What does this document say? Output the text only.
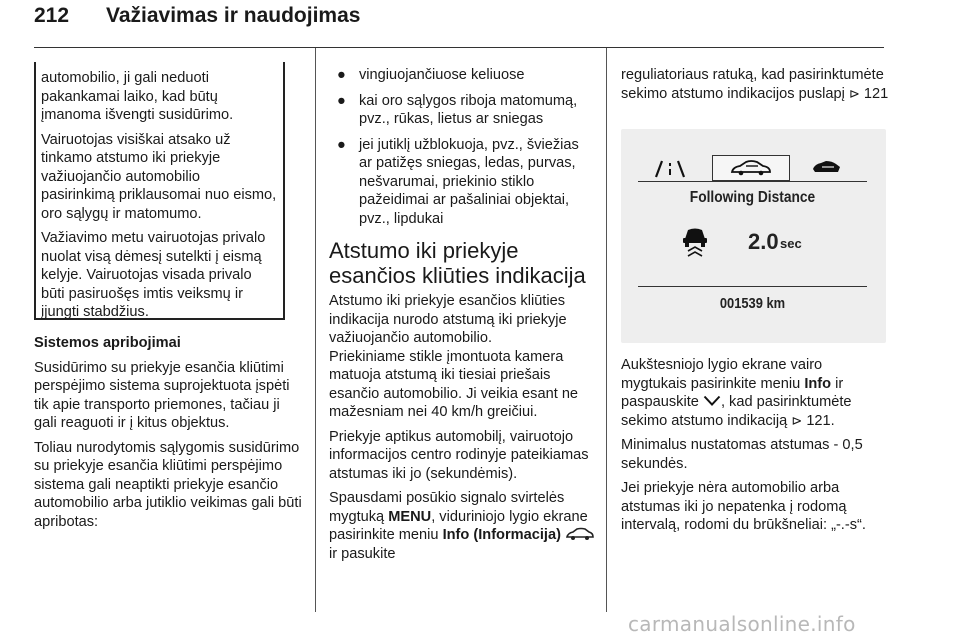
212 Važiavimas ir naudojimas

automobilio, ji gali neduoti pakankamai laiko, kad būtų įmanoma išvengti susidūrimo.

Vairuotojas visiškai atsako už tinkamo atstumo iki priekyje važiuojančio automobilio pasirinkimą priklausomai nuo eismo, oro sąlygų ir matomumo.

Važiavimo metu vairuotojas privalo nuolat visą dėmesį sutelkti į eismą kelyje. Vairuotojas visada privalo būti pasiruošęs imtis veiksmų ir įjungti stabdžius.

Sistemos apribojimai

Susidūrimo su priekyje esančia kliūtimi perspėjimo sistema suprojektuota įspėti tik apie transporto priemones, tačiau ji gali reaguoti ir į kitus objektus.

Toliau nurodytomis sąlygomis susidūrimo su priekyje esančia kliūtimi perspėjimo sistema gali neaptikti priekyje esančio automobilio arba jutiklio veikimas gali būti apribotas:

● vingiuojančiuose keliuose
● kai oro sąlygos riboja matomumą, pvz., rūkas, lietus ar sniegas
● jei jutiklį užblokuoja, pvz., šviežias ar patižęs sniegas, ledas, purvas, nešvarumai, priekinio stiklo pažeidimai ar pašaliniai objektai, pvz., lipdukai
Atstumo iki priekyje esančios kliūties indikacija

Atstumo iki priekyje esančios kliūties indikacija nurodo atstumą iki priekyje važiuojančio automobilio.

Priekiniame stikle įmontuota kamera matuoja atstumą iki tiesiai priešais esančio automobilio. Ji veikia esant ne mažesniam nei 40 km/h greičiui.

Priekyje aptikus automobilį, vairuotojo informacijos centro rodinyje pateikiamas atstumas iki jo (sekundėmis).

Spausdami posūkio signalo svirtelės mygtuką MENU, viduriniojo lygio ekrane pasirinkite meniu Info (Informacija)  ir pasukite

reguliatoriaus ratuką, kad pasirinktumėte sekimo atstumo indikacijos puslapį ⊳ 121

Following Distance
2.0 sec
001539 km

Aukštesniojo lygio ekrane vairo mygtukais pasirinkite meniu Info ir paspauskite , kad pasirinktumėte sekimo atstumo indikaciją ⊳ 121.

Minimalus nustatomas atstumas - 0,5 sekundės.

Jei priekyje nėra automobilio arba atstumas iki jo nepatenka į rodomą intervalą, rodomi du brūkšneliai: „-.-s“.

carmanualsonline.info
